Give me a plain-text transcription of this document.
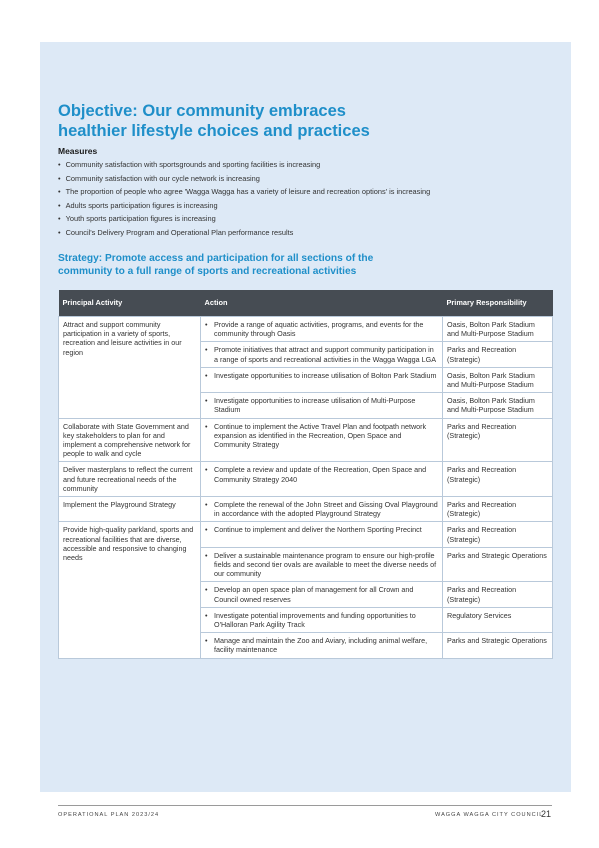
Objective: Our community embraces
healthier lifestyle choices and practices
Measures
• Community satisfaction with sportsgrounds and sporting facilities is increasing
• Community satisfaction with our cycle network is increasing
• The proportion of people who agree 'Wagga Wagga has a variety of leisure and recreation options' is increasing
• Adults sports participation figures is increasing
• Youth sports participation figures is increasing
• Council's Delivery Program and Operational Plan performance results
Strategy: Promote access and participation for all sections of the
community to a full range of sports and recreational activities
Principal Activity	Action	Primary Responsibility
Attract and support community participation in a variety of sports, recreation and leisure activities in our region	• Provide a range of aquatic activities, programs, and events for the community through Oasis	Oasis, Bolton Park Stadium and Multi-Purpose Stadium

	• Promote initiatives that attract and support community participation in a range of sports and recreational activities in the Wagga Wagga LGA	Parks and Recreation (Strategic)

	• Investigate opportunities to increase utilisation of Bolton Park Stadium	Oasis, Bolton Park Stadium and Multi-Purpose Stadium

	• Investigate opportunities to increase utilisation of Multi-Purpose Stadium	Oasis, Bolton Park Stadium and Multi-Purpose Stadium
Collaborate with State Government and key stakeholders to plan for and implement a comprehensive network for people to walk and cycle	• Continue to implement the Active Travel Plan and footpath network expansion as identified in the Recreation, Open Space and Community Strategy	Parks and Recreation (Strategic)
Deliver masterplans to reflect the current and future recreational needs of the community	• Complete a review and update of the Recreation, Open Space and Community Strategy 2040	Parks and Recreation (Strategic)
Implement the Playground Strategy	• Complete the renewal of the John Street and Gissing Oval Playground in accordance with the adopted Playground Strategy	Parks and Recreation (Strategic)
Provide high-quality parkland, sports and recreational facilities that are diverse, accessible and responsive to changing needs	• Continue to implement and deliver the Northern Sporting Precinct	Parks and Recreation (Strategic)

	• Deliver a sustainable maintenance program to ensure our high-profile fields and second tier ovals are available to meet the diverse needs of our community	Parks and Strategic Operations

	• Develop an open space plan of management for all Crown and Council owned reserves	Parks and Recreation (Strategic)

	• Investigate potential improvements and funding opportunities to O'Halloran Park Agility Track	Regulatory Services

	• Manage and maintain the Zoo and Aviary, including animal welfare, facility maintenance	Parks and Strategic Operations
OPERATIONAL PLAN 2023/24	WAGGA WAGGA CITY COUNCIL
21
